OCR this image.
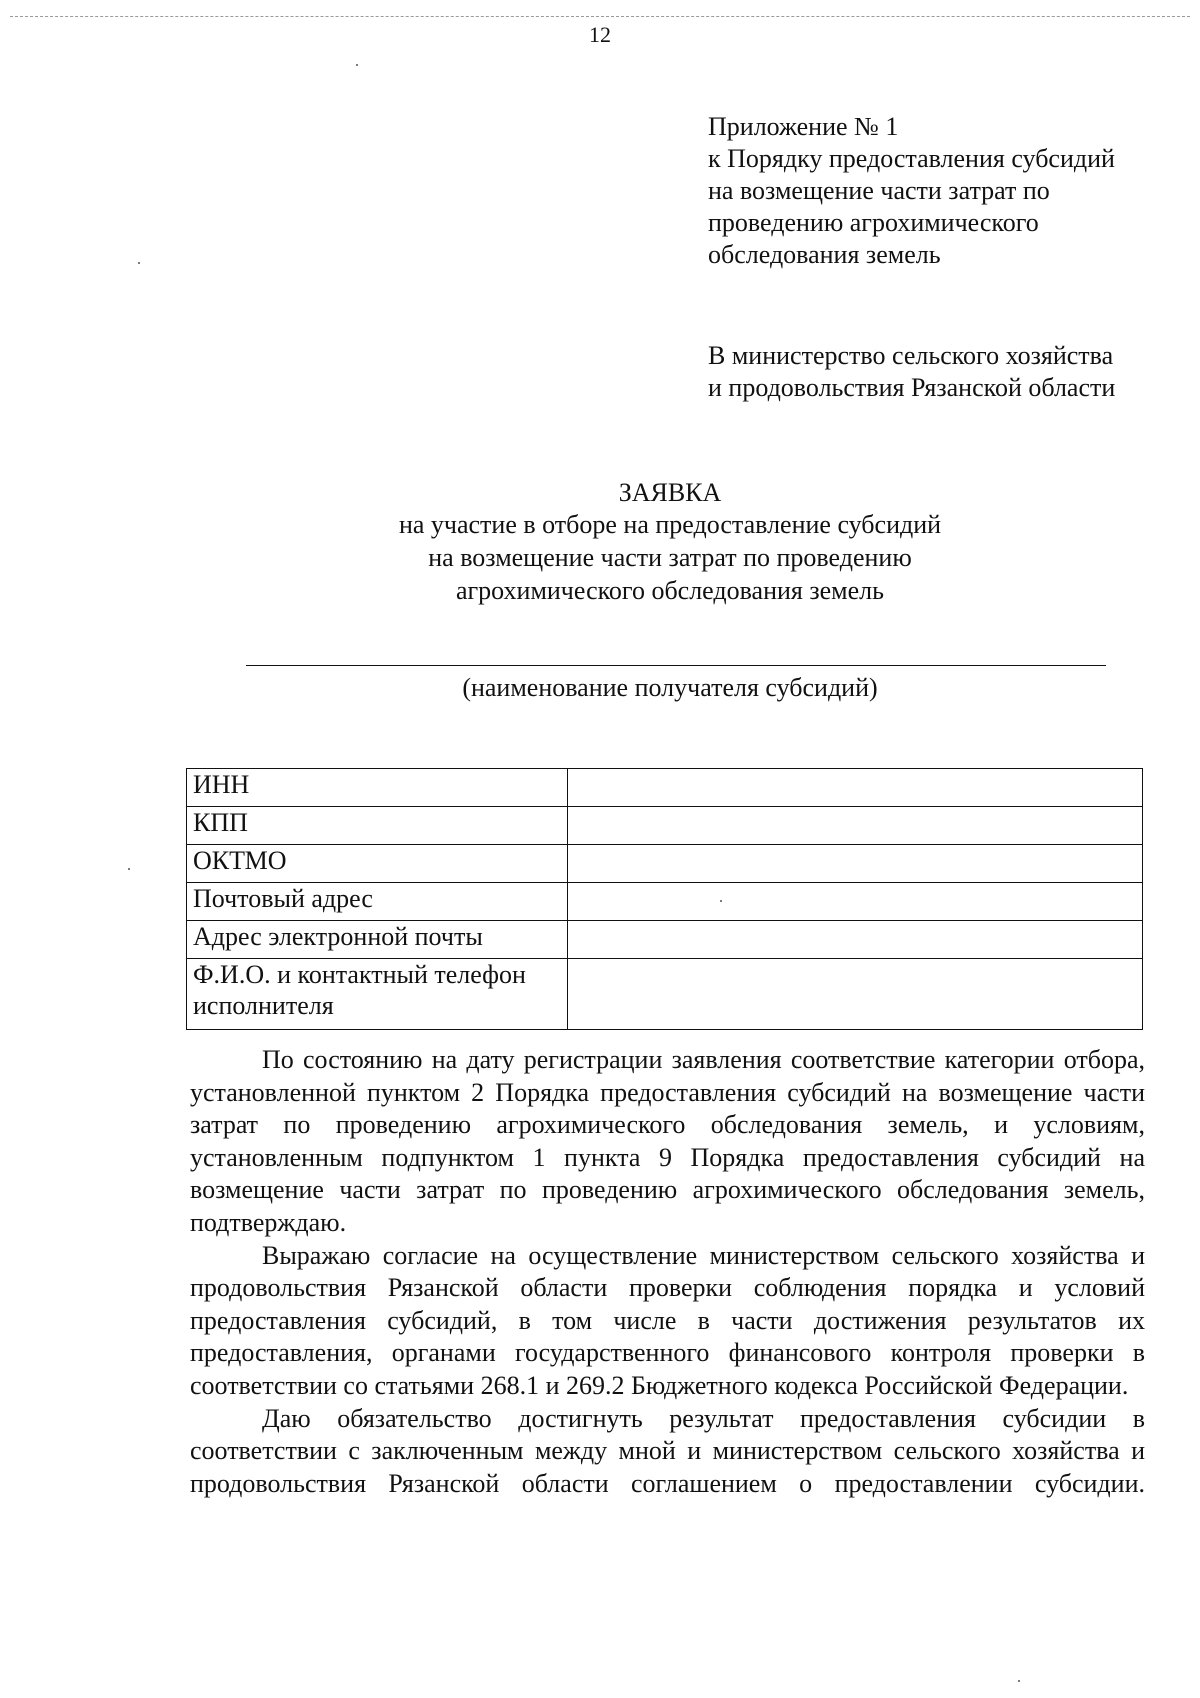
12
Приложение № 1
к Порядку предоставления субсидий
на возмещение части затрат по
проведению агрохимического
обследования земель
В министерство сельского хозяйства
и продовольствия Рязанской области
ЗАЯВКА
на участие в отборе на предоставление субсидий
на возмещение части затрат по проведению
агрохимического обследования земель
(наименование получателя субсидий)
ИНН	
КПП	
ОКТМО	
Почтовый адрес	
Адрес электронной почты	
Ф.И.О. и контактный телефон исполнителя	

По состоянию на дату регистрации заявления соответствие категории отбора, установленной пунктом 2 Порядка предоставления субсидий на возмещение части затрат по проведению агрохимического обследования земель, и условиям, установленным подпунктом 1 пункта 9 Порядка предоставления субсидий на возмещение части затрат по проведению агрохимического обследования земель, подтверждаю.

Выражаю согласие на осуществление министерством сельского хозяйства и продовольствия Рязанской области проверки соблюдения порядка и условий предоставления субсидий, в том числе в части достижения результатов их предоставления, органами государственного финансового контроля проверки в соответствии со статьями 268.1 и 269.2 Бюджетного кодекса Российской Федерации.

Даю обязательство достигнуть результат предоставления субсидии в соответствии с заключенным между мной и министерством сельского хозяйства и продовольствия Рязанской области соглашением о предоставлении субсидии.
